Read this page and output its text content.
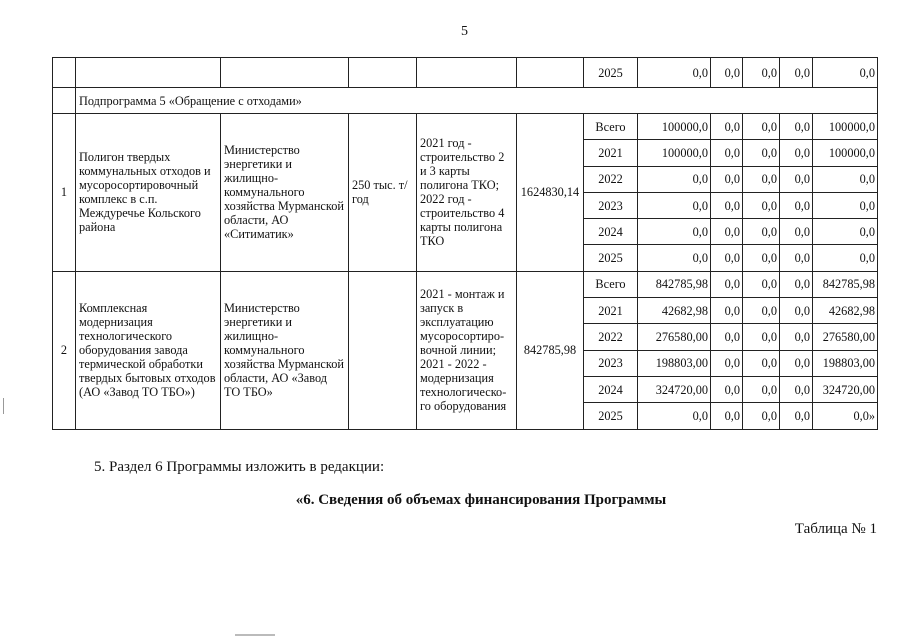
5
						2025	0,0	0,0	0,0	0,0	0,0
	Подпрограмма 5 «Обращение с отходами»										
1	Полигон твердых коммунальных отходов и мусоросортировочный комплекс в с.п. Междуречье Кольского района	Министерство энергетики и жилищно-коммунального хозяйства Мурманской области, АО «Ситиматик»	250 тыс. т/год	2021 год - строительство 2 и 3 карты полигона ТКО; 2022 год - строительство 4 карты полигона ТКО	1624830,14	Всего	100000,0	0,0	0,0	0,0	100000,0
						2021	100000,0	0,0	0,0	0,0	100000,0
						2022	0,0	0,0	0,0	0,0	0,0
						2023	0,0	0,0	0,0	0,0	0,0
						2024	0,0	0,0	0,0	0,0	0,0
						2025	0,0	0,0	0,0	0,0	0,0
2	Комплексная модернизация технологического оборудования завода термической обработки твердых бытовых отходов (АО «Завод ТО ТБО»)	Министерство энергетики и жилищно-коммунального хозяйства Мурманской области, АО «Завод ТО ТБО»		2021 - монтаж и запуск в эксплуатацию мусоросортиро-вочной линии; 2021 - 2022 - модернизация технологическо-го оборудования	842785,98	Всего	842785,98	0,0	0,0	0,0	842785,98
						2021	42682,98	0,0	0,0	0,0	42682,98
						2022	276580,00	0,0	0,0	0,0	276580,00
						2023	198803,00	0,0	0,0	0,0	198803,00
						2024	324720,00	0,0	0,0	0,0	324720,00
						2025	0,0	0,0	0,0	0,0	0,0»
5. Раздел 6 Программы изложить в редакции:
«6. Сведения об объемах финансирования Программы
Таблица № 1
